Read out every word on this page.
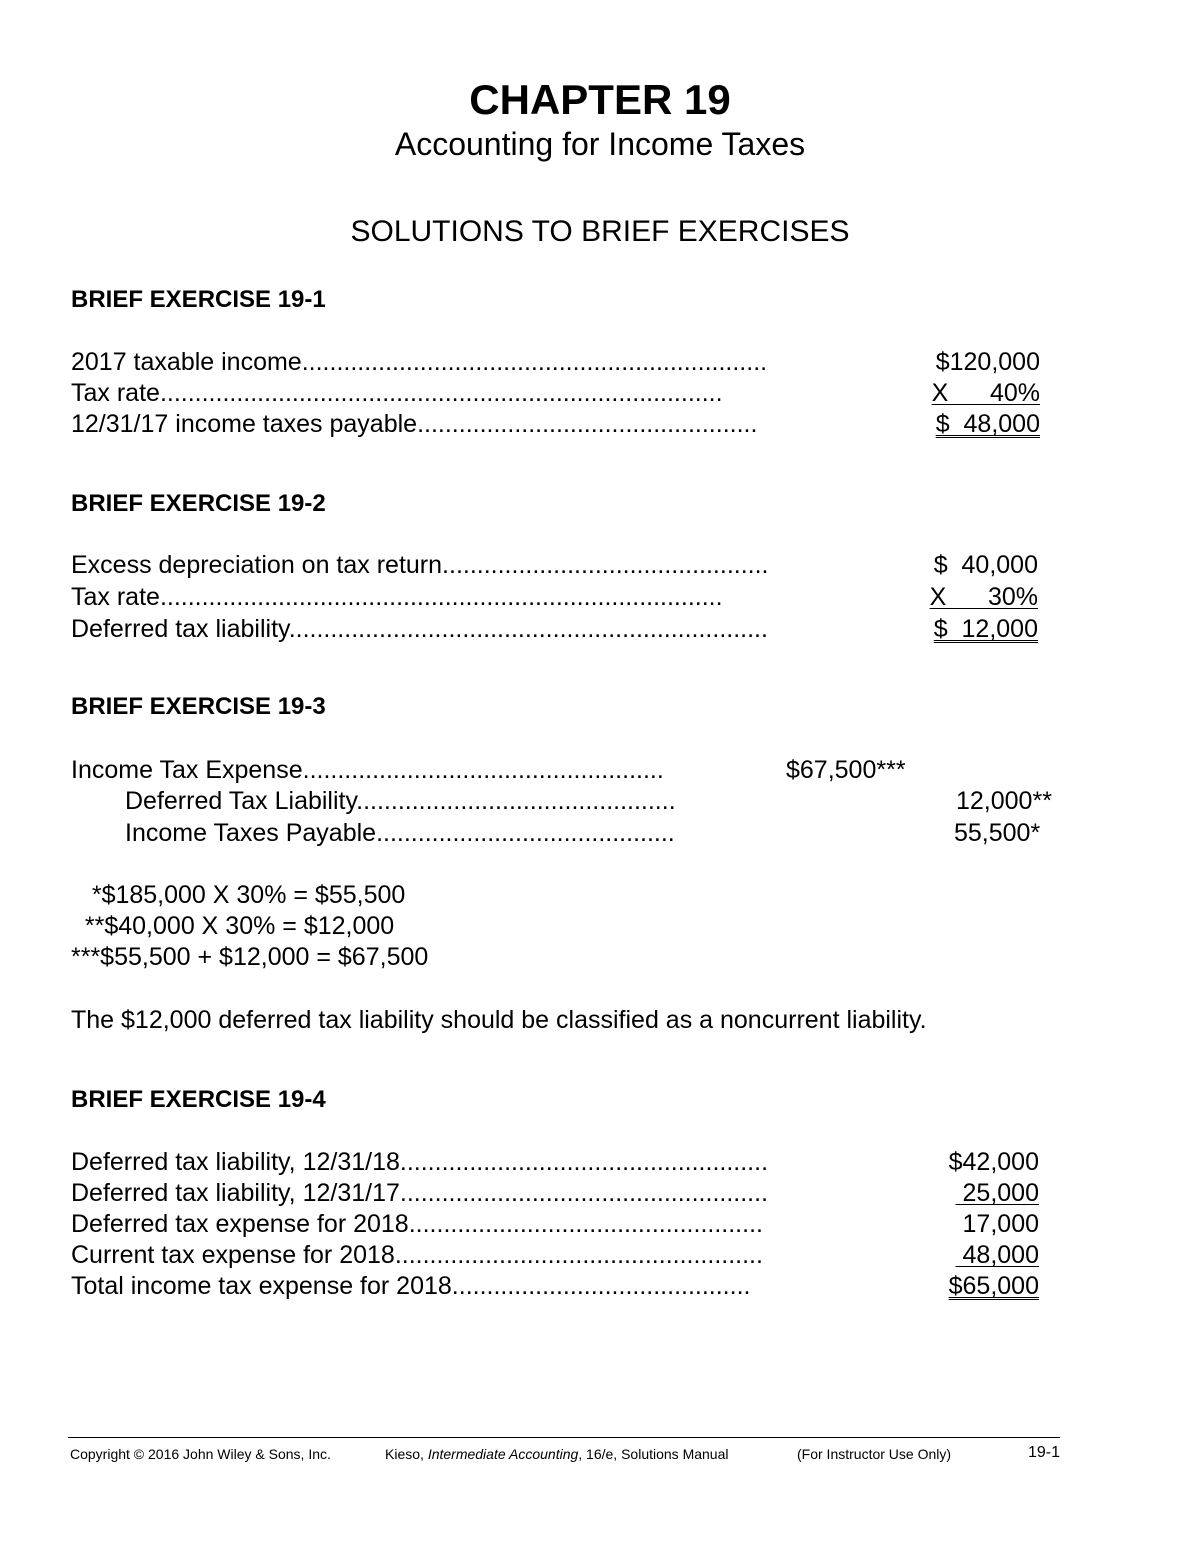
CHAPTER 19
Accounting for Income Taxes
SOLUTIONS TO BRIEF EXERCISES
BRIEF EXERCISE 19-1
2017 taxable income...................................................................	$120,000
Tax rate.................................................................................	X      40%
12/31/17 income taxes payable.................................................	$  48,000
BRIEF EXERCISE 19-2
Excess depreciation on tax return...............................................	$  40,000
Tax rate.................................................................................	X      30%
Deferred tax liability.....................................................................	$  12,000
BRIEF EXERCISE 19-3
Income Tax Expense....................................................	$67,500***
Deferred Tax Liability..............................................	12,000**
Income Taxes Payable...........................................	55,500*
*$185,000 X 30% = $55,500
**$40,000 X 30% = $12,000
***$55,500 + $12,000 = $67,500
The $12,000 deferred tax liability should be classified as a noncurrent liability.
BRIEF EXERCISE 19-4
Deferred tax liability, 12/31/18.....................................................	$42,000
Deferred tax liability, 12/31/17.....................................................	25,000
Deferred tax expense for 2018...................................................	17,000
Current tax expense for 2018.....................................................	48,000
Total income tax expense for 2018...........................................	$65,000
Copyright © 2016 John Wiley & Sons, Inc.	Kieso, Intermediate Accounting, 16/e, Solutions Manual	(For Instructor Use Only)	19-1
